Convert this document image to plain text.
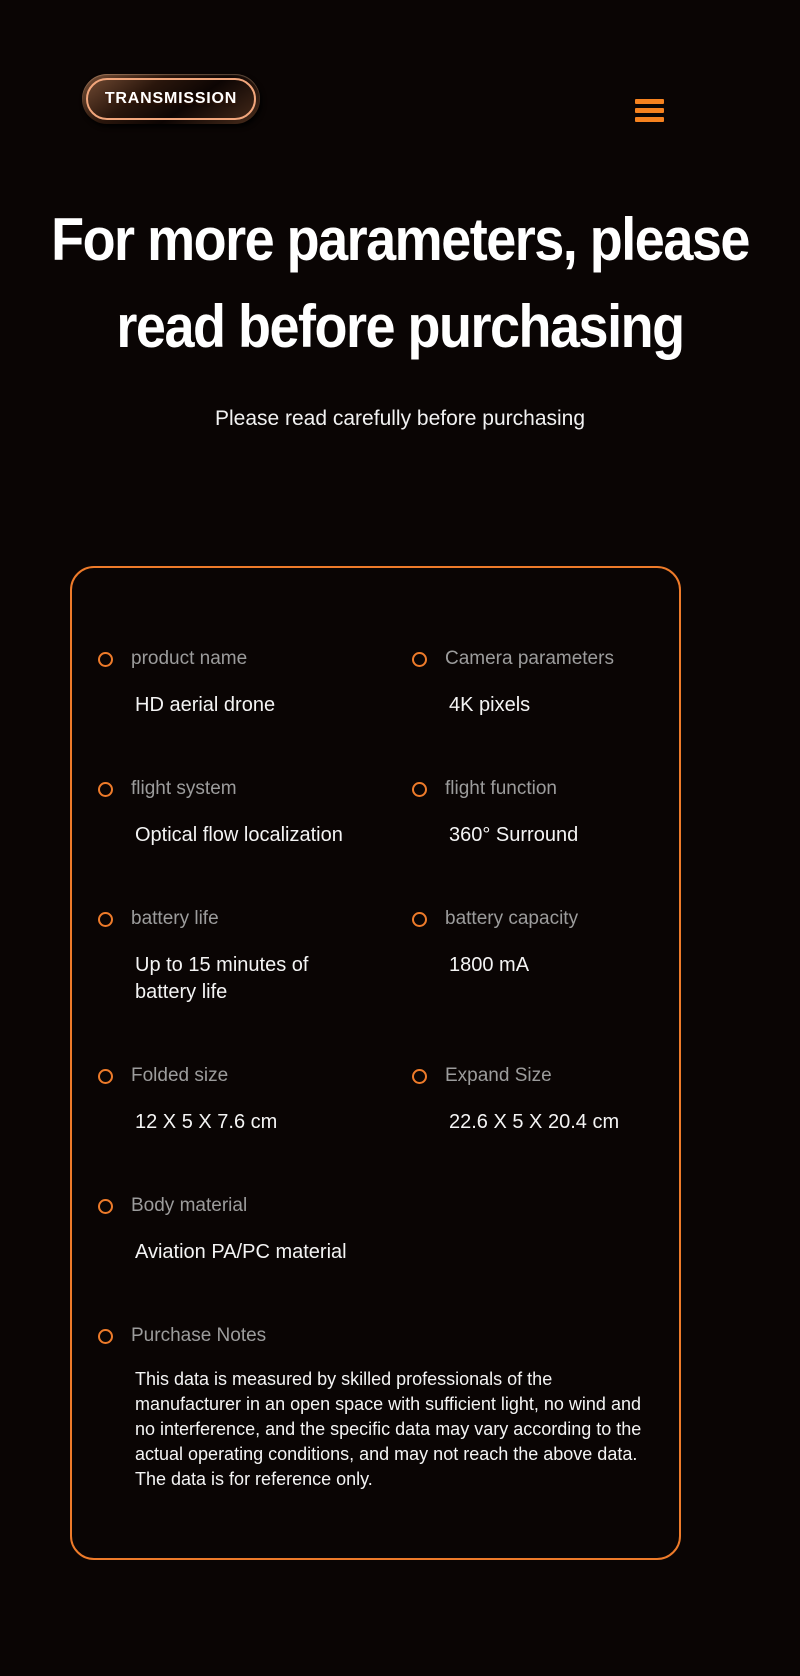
TRANSMISSION
For more parameters, please
read before purchasing
Please read carefully before purchasing
product name
HD aerial drone
Camera parameters
4K pixels
flight system
Optical flow localization
flight function
360° Surround
battery life
Up to 15 minutes of battery life
battery capacity
1800 mA
Folded size
12 X 5 X 7.6 cm
Expand Size
22.6 X 5 X 20.4 cm
Body material
Aviation PA/PC material
Purchase Notes
This data is measured by skilled professionals of the manufacturer in an open space with sufficient light, no wind and no interference, and the specific data may vary according to the actual operating conditions, and may not reach the above data. The data is for reference only.
